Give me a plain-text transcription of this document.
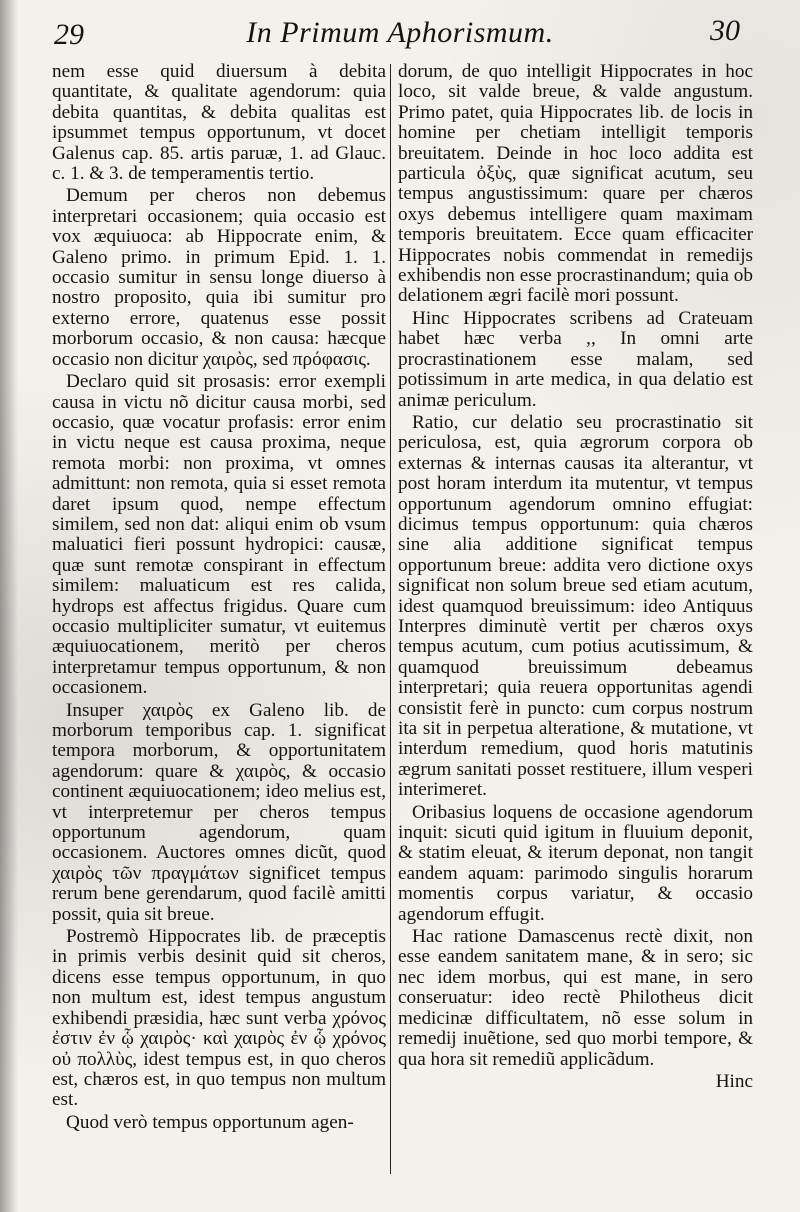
29	In Primum Aphorismum.	30

nem esse quid diuersum à debita quantitate, & qualitate agendorum: quia debita quantitas, & debita qualitas est ipsummet tempus opportunum, vt docet Galenus cap. 85. artis paruæ, 1. ad Glauc. c. 1. & 3. de temperamentis tertio.

Demum per cheros non debemus interpretari occasionem; quia occasio est vox æquiuoca: ab Hippocrate enim, & Galeno primo. in primum Epid. 1. 1. occasio sumitur in sensu longe diuerso à nostro proposito, quia ibi sumitur pro externo errore, quatenus esse possit morborum occasio, & non causa: hæcque occasio non dicitur χαιρὸς, sed πρόφασις.

Declaro quid sit prosasis: error exempli causa in victu nõ dicitur causa morbi, sed occasio, quæ vocatur profasis: error enim in victu neque est causa proxima, neque remota morbi: non proxima, vt omnes admittunt: non remota, quia si esset remota daret ipsum quod, nempe effectum similem, sed non dat: aliqui enim ob vsum maluatici fieri possunt hydropici: causæ, quæ sunt remotæ conspirant in effectum similem: maluaticum est res calida, hydrops est affectus frigidus. Quare cum occasio multipliciter sumatur, vt euitemus æquiuocationem, meritò per cheros interpretamur tempus opportunum, & non occasionem.

Insuper χαιρὸς ex Galeno lib. de morborum temporibus cap. 1. significat tempora morborum, & opportunitatem agendorum: quare & χαιρὸς, & occasio continent æquiuocationem; ideo melius est, vt interpretemur per cheros tempus opportunum agendorum, quam occasionem. Auctores omnes dicũt, quod χαιρὸς τῶν πραγμάτων significet tempus rerum bene gerendarum, quod facilè amitti possit, quia sit breue.

Postremò Hippocrates lib. de præceptis in primis verbis desinit quid sit cheros, dicens esse tempus opportunum, in quo non multum est, idest tempus angustum exhibendi præsidia, hæc sunt verba χρόνος ἐστιν ἐν ᾧ χαιρὸς· καὶ χαιρὸς ἐν ᾧ χρόνος οὐ πολλὺς, idest tempus est, in quo cheros est, chæros est, in quo tempus non multum est.

Quod verò tempus opportunum agen-

dorum, de quo intelligit Hippocrates in hoc loco, sit valde breue, & valde angustum. Primo patet, quia Hippocrates lib. de locis in homine per chetiam intelligit temporis breuitatem. Deinde in hoc loco addita est particula ὀξὺς, quæ significat acutum, seu tempus angustissimum: quare per chæros oxys debemus intelligere quam maximam temporis breuitatem. Ecce quam efficaciter Hippocrates nobis commendat in remedijs exhibendis non esse procrastinandum; quia ob delationem ægri facilè mori possunt.

Hinc Hippocrates scribens ad Crateuam habet hæc verba ,, In omni arte procrastinationem esse malam, sed potissimum in arte medica, in qua delatio est animæ periculum.

Ratio, cur delatio seu procrastinatio sit periculosa, est, quia ægrorum corpora ob externas & internas causas ita alterantur, vt post horam interdum ita mutentur, vt tempus opportunum agendorum omnino effugiat: dicimus tempus opportunum: quia chæros sine alia additione significat tempus opportunum breue: addita vero dictione oxys significat non solum breue sed etiam acutum, idest quamquod breuissimum: ideo Antiquus Interpres diminutè vertit per chæros oxys tempus acutum, cum potius acutissimum, & quamquod breuissimum debeamus interpretari; quia reuera opportunitas agendi consistit ferè in puncto: cum corpus nostrum ita sit in perpetua alteratione, & mutatione, vt interdum remedium, quod horis matutinis ægrum sanitati posset restituere, illum vesperi interimeret.

Oribasius loquens de occasione agendorum inquit: sicuti quid igitum in fluuium deponit, & statim eleuat, & iterum deponat, non tangit eandem aquam: parimodo singulis horarum momentis corpus variatur, & occasio agendorum effugit.

Hac ratione Damascenus rectè dixit, non esse eandem sanitatem mane, & in sero; sic nec idem morbus, qui est mane, in sero conseruatur: ideo rectè Philotheus dicit medicinæ difficultatem, nõ esse solum in remedij inuẽtione, sed quo morbi tempore, & qua hora sit remediũ applicãdum.

Hinc
